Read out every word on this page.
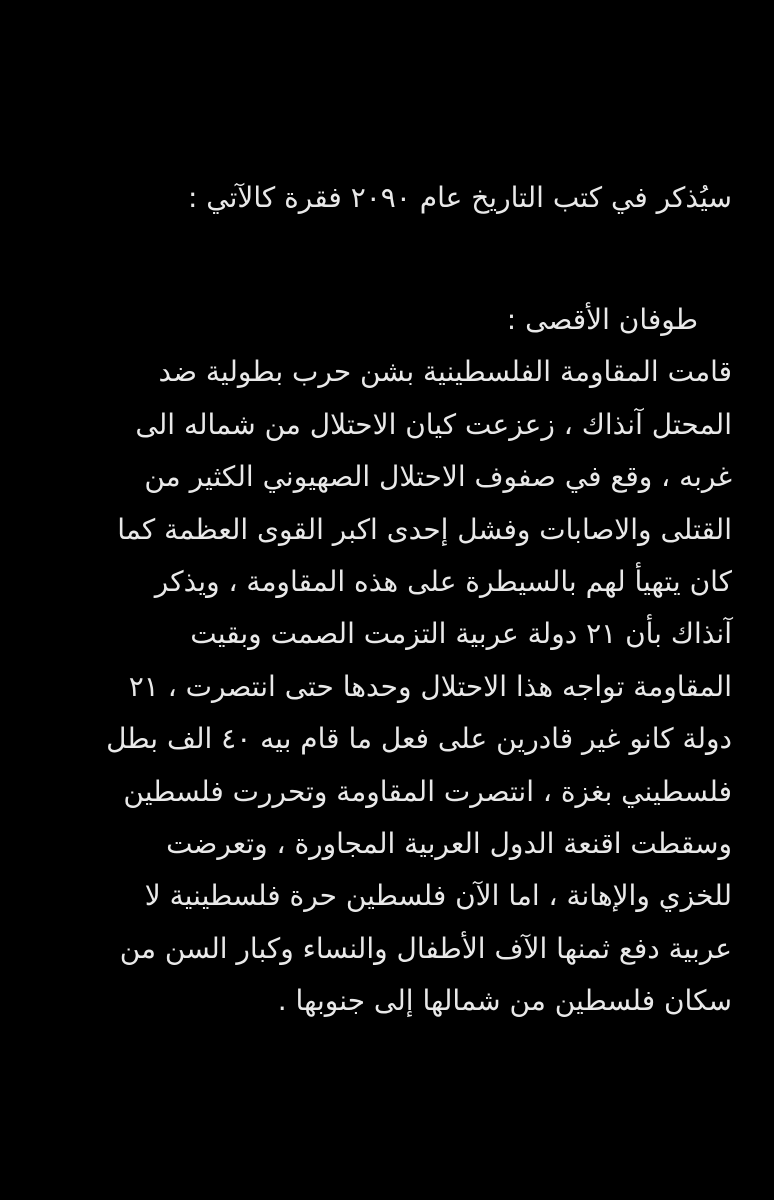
سيُذكر في كتب التاريخ عام ٢٠٩٠ فقرة كالآتي :
طوفان الأقصى :
قامت المقاومة الفلسطينية بشن حرب بطولية ضد
المحتل آنذاك ، زعزعت كيان الاحتلال من شماله الى
غربه ، وقع في صفوف الاحتلال الصهيوني الكثير من
القتلى والاصابات وفشل إحدى اكبر القوى العظمة كما
كان يتهيأ لهم بالسيطرة على هذه المقاومة ، ويذكر
آنذاك بأن ٢١ دولة عربية التزمت الصمت وبقيت
المقاومة تواجه هذا الاحتلال وحدها حتى انتصرت ، ٢١
دولة كانو غير قادرين على فعل ما قام بيه ٤٠ الف بطل
فلسطيني بغزة ، انتصرت المقاومة وتحررت فلسطين
وسقطت اقنعة الدول العربية المجاورة ، وتعرضت
للخزي والإهانة ، اما الآن فلسطين حرة فلسطينية لا
عربية دفع ثمنها الآف الأطفال والنساء وكبار السن من
سكان فلسطين من شمالها إلى جنوبها .
